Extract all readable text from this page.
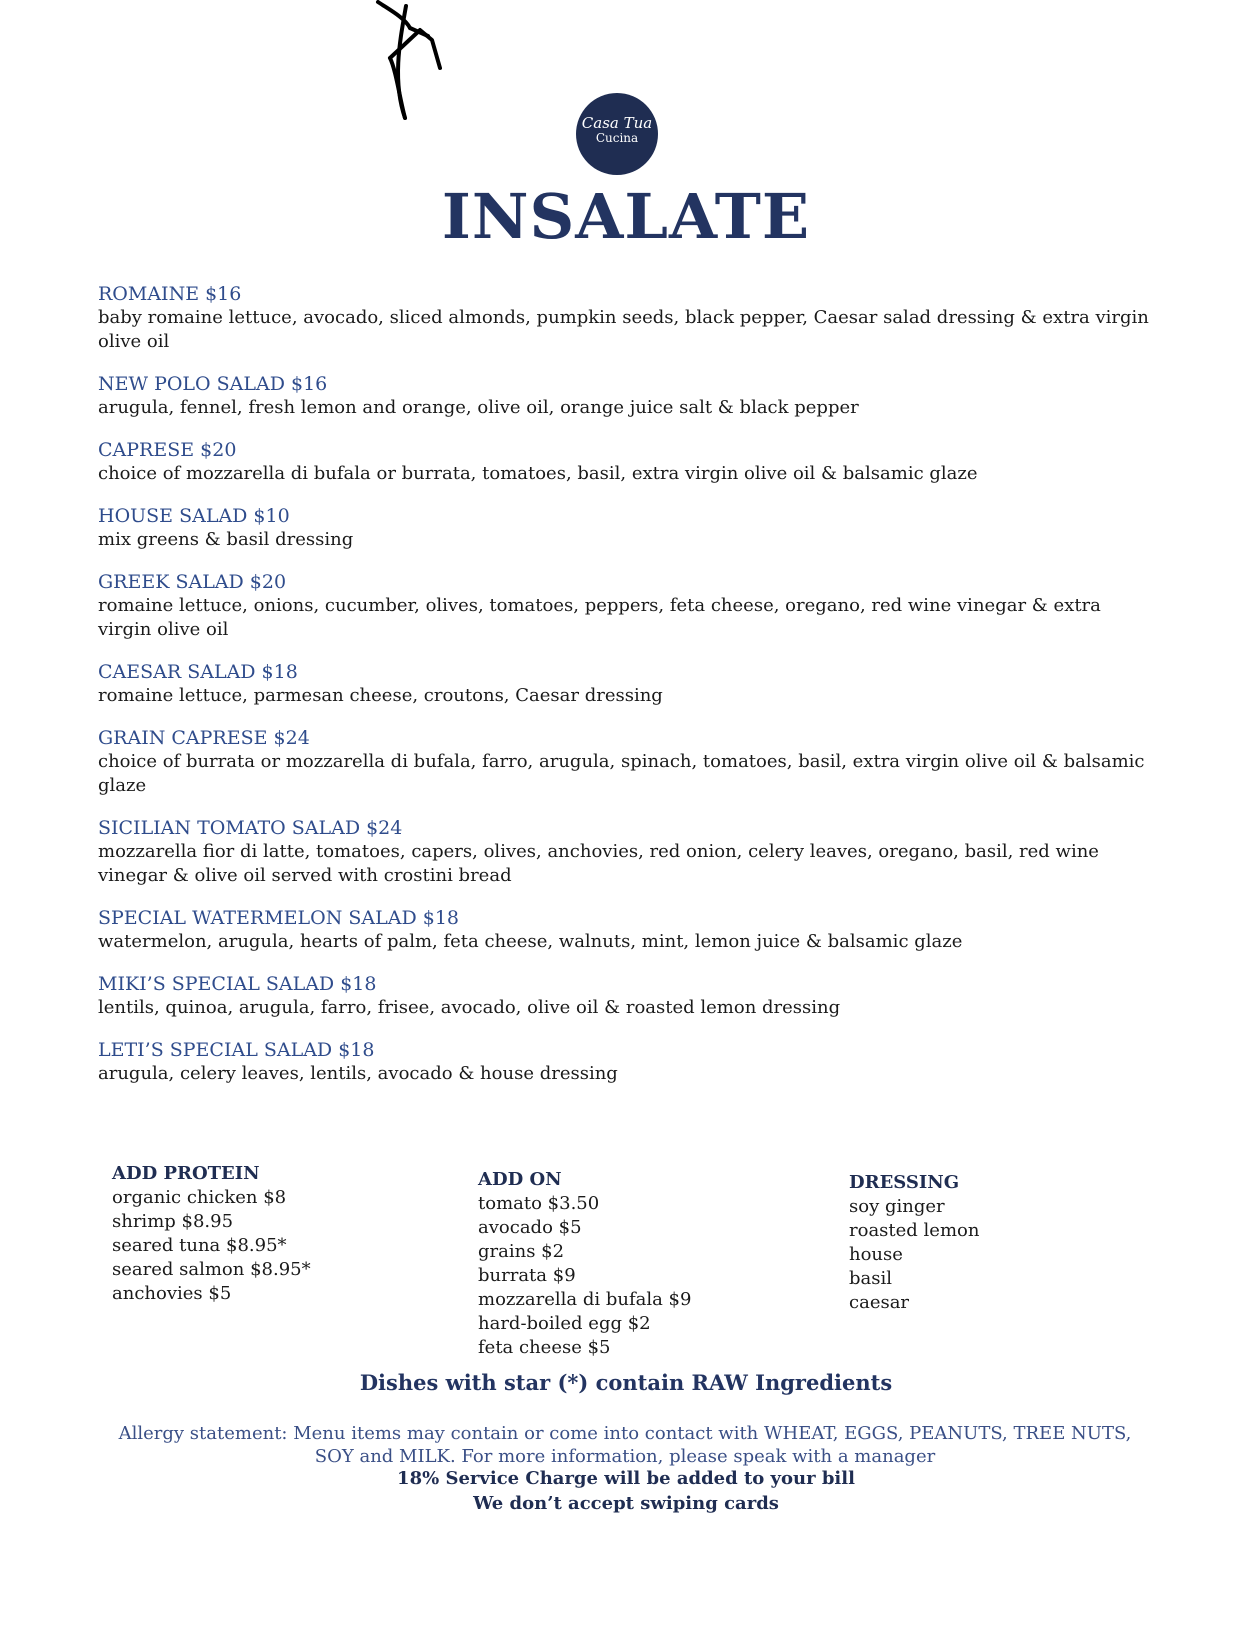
Casa Tua
Cucina
INSALATE
ROMAINE $16
baby romaine lettuce, avocado, sliced almonds, pumpkin seeds, black pepper, Caesar salad dressing & extra virgin olive oil
NEW POLO SALAD $16
arugula, fennel, fresh lemon and orange, olive oil, orange juice salt & black pepper
CAPRESE $20
choice of mozzarella di bufala or burrata, tomatoes, basil, extra virgin olive oil & balsamic glaze
HOUSE SALAD $10
mix greens & basil dressing
GREEK SALAD $20
romaine lettuce, onions, cucumber, olives, tomatoes, peppers, feta cheese, oregano, red wine vinegar & extra virgin olive oil
CAESAR SALAD $18
romaine lettuce, parmesan cheese, croutons, Caesar dressing
GRAIN CAPRESE $24
choice of burrata or mozzarella di bufala, farro, arugula, spinach, tomatoes, basil, extra virgin olive oil & balsamic glaze
SICILIAN TOMATO SALAD $24
mozzarella fior di latte, tomatoes, capers, olives, anchovies, red onion, celery leaves, oregano, basil, red wine vinegar & olive oil served with crostini bread
SPECIAL WATERMELON SALAD $18
watermelon, arugula, hearts of palm, feta cheese, walnuts, mint, lemon juice & balsamic glaze
MIKI’S SPECIAL SALAD $18
lentils, quinoa, arugula, farro, frisee, avocado, olive oil & roasted lemon dressing
LETI’S SPECIAL SALAD $18
arugula, celery leaves, lentils, avocado & house dressing
ADD PROTEIN
organic chicken $8
shrimp $8.95
seared tuna $8.95*
seared salmon $8.95*
anchovies $5
ADD ON
tomato $3.50
avocado $5
grains $2
burrata $9
mozzarella di bufala $9
hard-boiled egg $2
feta cheese $5
DRESSING
soy ginger
roasted lemon
house
basil
caesar
Dishes with star (*) contain RAW Ingredients
Allergy statement: Menu items may contain or come into contact with WHEAT, EGGS, PEANUTS, TREE NUTS, SOY and MILK. For more information, please speak with a manager
18% Service Charge will be added to your bill
We don’t accept swiping cards
